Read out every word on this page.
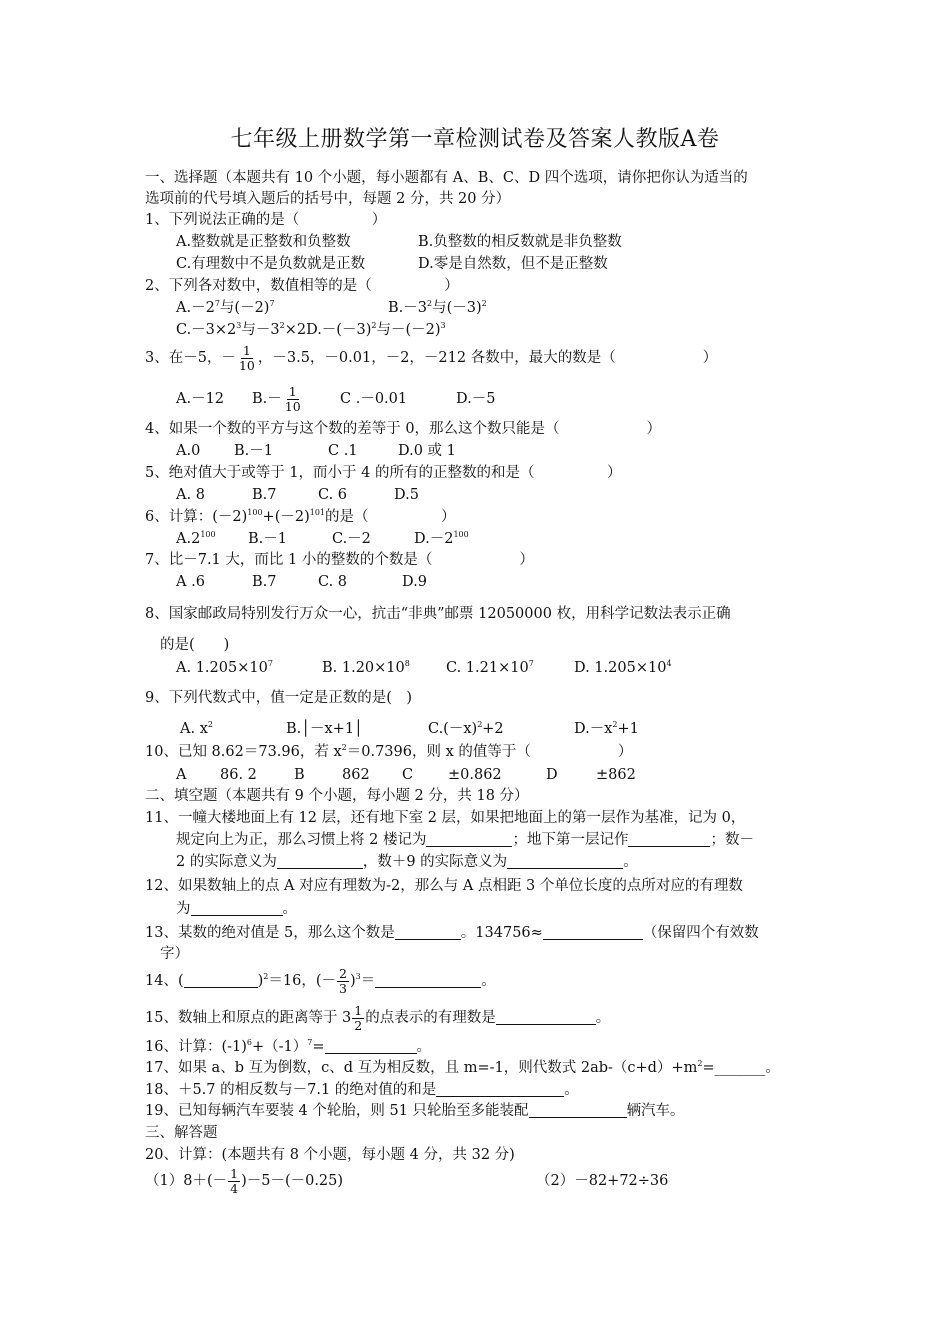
七年级上册数学第一章检测试卷及答案人教版A卷
一、选择题（本题共有 10 个小题，每小题都有 A、B、C、D 四个选项，请你把你认为适当的
选项前的代号填入题后的括号中，每题 2 分，共 20 分）
1、下列说法正确的是（　　　　　）
A.整数就是正整数和负整数	B.负整数的相反数就是非负整数
C.有理数中不是负数就是正数	D.零是自然数，但不是正整数
2、下列各对数中，数值相等的是（　　　　　）
$A.-2^7$与$(-2)^7$	$B.-3^2$与$(-3)^2$
$C.-3\times 2^3$与$-3^2\times 2D.-(-3)^2$与$-(-2)^3$
3、在－5，－ $\frac{1}{10}$ ，－3.5，－0.01，－2，－212 各数中，最大的数是（　　　　　　）
A.－12 $B.- \frac{1}{10}$	C .－0.01	D.－5
4、如果一个数的平方与这个数的差等于 0，那么这个数只能是（　　　　　　）
A.0 B.－1	C .1	D.0 或 1
5、绝对值大于或等于 1，而小于 4 的所有的正整数的和是（　　　　　）
A. 8	B.7	C. 6	D.5
6、计算：$(-2)^{100}+(-2)^{101}$的是（　　　　　）
$A.2^{100}$ B.－1	C.－2	$D.-2^{100}$
7、比－7.1 大，而比 1 小的整数的个数是（　　　　　　）
A .6	B.7	C. 8	D.9
8、国家邮政局特别发行万众一心，抗击“非典”邮票 12050000 枚，用科学记数法表示正确
的是(　　)
A. $1.205\times 10^7$	B. $1.20\times 10^8$ C. $1.21\times 10^7$	D. $1.205\times 10^4$
9、下列代数式中，值一定是正数的是(　)
A. $x^2$	B.│－x+1│	$C.(-x)^2+2$	$D.-x^2+1$
10、已知 8.62＝73.96，若 $x^2=0.7396$，则 x 的值等于（　　　　　　）
A 86. 2	B	862 C ±0.862	D	±862
二、填空题（本题共有 9 个小题，每小题 2 分，共 18 分）
11、一幢大楼地面上有 12 层，还有地下室 2 层，如果把地面上的第一层作为基准，记为 0，
规定向上为正，那么习惯上将 2 楼记为	；地下第一层记作	；数－
2 的实际意义为	，数＋9 的实际意义为	。
12、如果数轴上的点 A 对应有理数为-2，那么与 A 点相距 3 个单位长度的点所对应的有理数
为	。
13、某数的绝对值是 5，那么这个数是	。134756≈	（保留四个有效数
字）
14、(	)$^2$＝16，(－ $\frac{2}{3} )^3=$	。
15、数轴上和原点的距离等于 $3 \frac{1}{2}$ 的点表示的有理数是	。
16、计算：$(-1)^6+(-1)^7=$	。
17、如果 a、b 互为倒数，c、d 互为相反数，且 m=-1，则代数式 $2ab-(c+d)+m^2=\_\_\_\_\_\_\_$。
18、＋5.7 的相反数与－7.1 的绝对值的和是	。
19、已知每辆汽车要装 4 个轮胎，则 51 只轮胎至多能装配	辆汽车。
三、解答题
20、计算：(本题共有 8 个小题，每小题 4 分，共 32 分)
$(1)8+(- \frac{1}{4} )-5-(-0.25)$	（2）－82+72÷36
